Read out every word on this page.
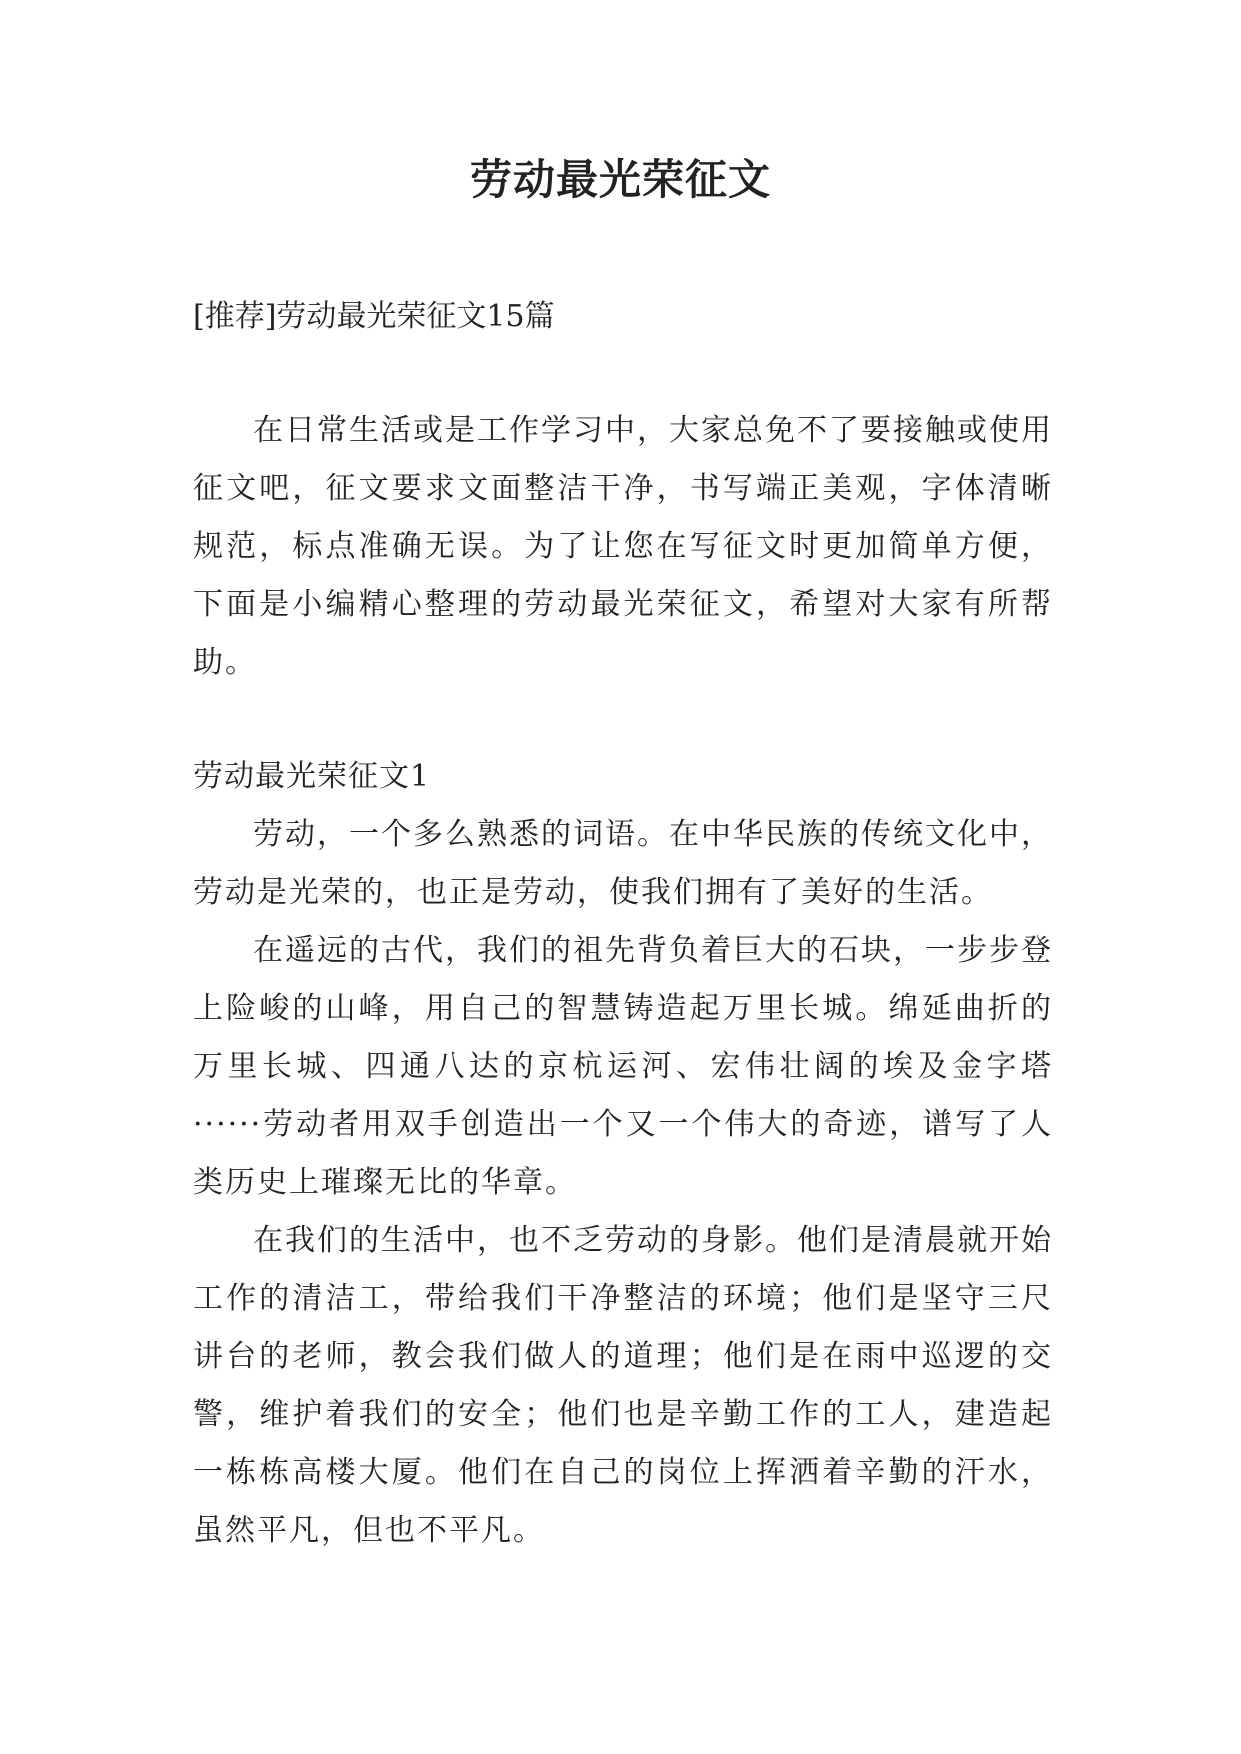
劳动最光荣征文

[推荐]劳动最光荣征文15篇

在日常生活或是工作学习中，大家总免不了要接触或使用征文吧，征文要求文面整洁干净，书写端正美观，字体清晰规范，标点准确无误。为了让您在写征文时更加简单方便，下面是小编精心整理的劳动最光荣征文，希望对大家有所帮助。

劳动最光荣征文1

劳动，一个多么熟悉的词语。在中华民族的传统文化中，劳动是光荣的，也正是劳动，使我们拥有了美好的生活。

在遥远的古代，我们的祖先背负着巨大的石块，一步步登上险峻的山峰，用自己的智慧铸造起万里长城。绵延曲折的万里长城、四通八达的京杭运河、宏伟壮阔的埃及金字塔······劳动者用双手创造出一个又一个伟大的奇迹，谱写了人类历史上璀璨无比的华章。

在我们的生活中，也不乏劳动的身影。他们是清晨就开始工作的清洁工，带给我们干净整洁的环境；他们是坚守三尺讲台的老师，教会我们做人的道理；他们是在雨中巡逻的交警，维护着我们的安全；他们也是辛勤工作的工人，建造起一栋栋高楼大厦。他们在自己的岗位上挥洒着辛勤的汗水，虽然平凡，但也不平凡。
